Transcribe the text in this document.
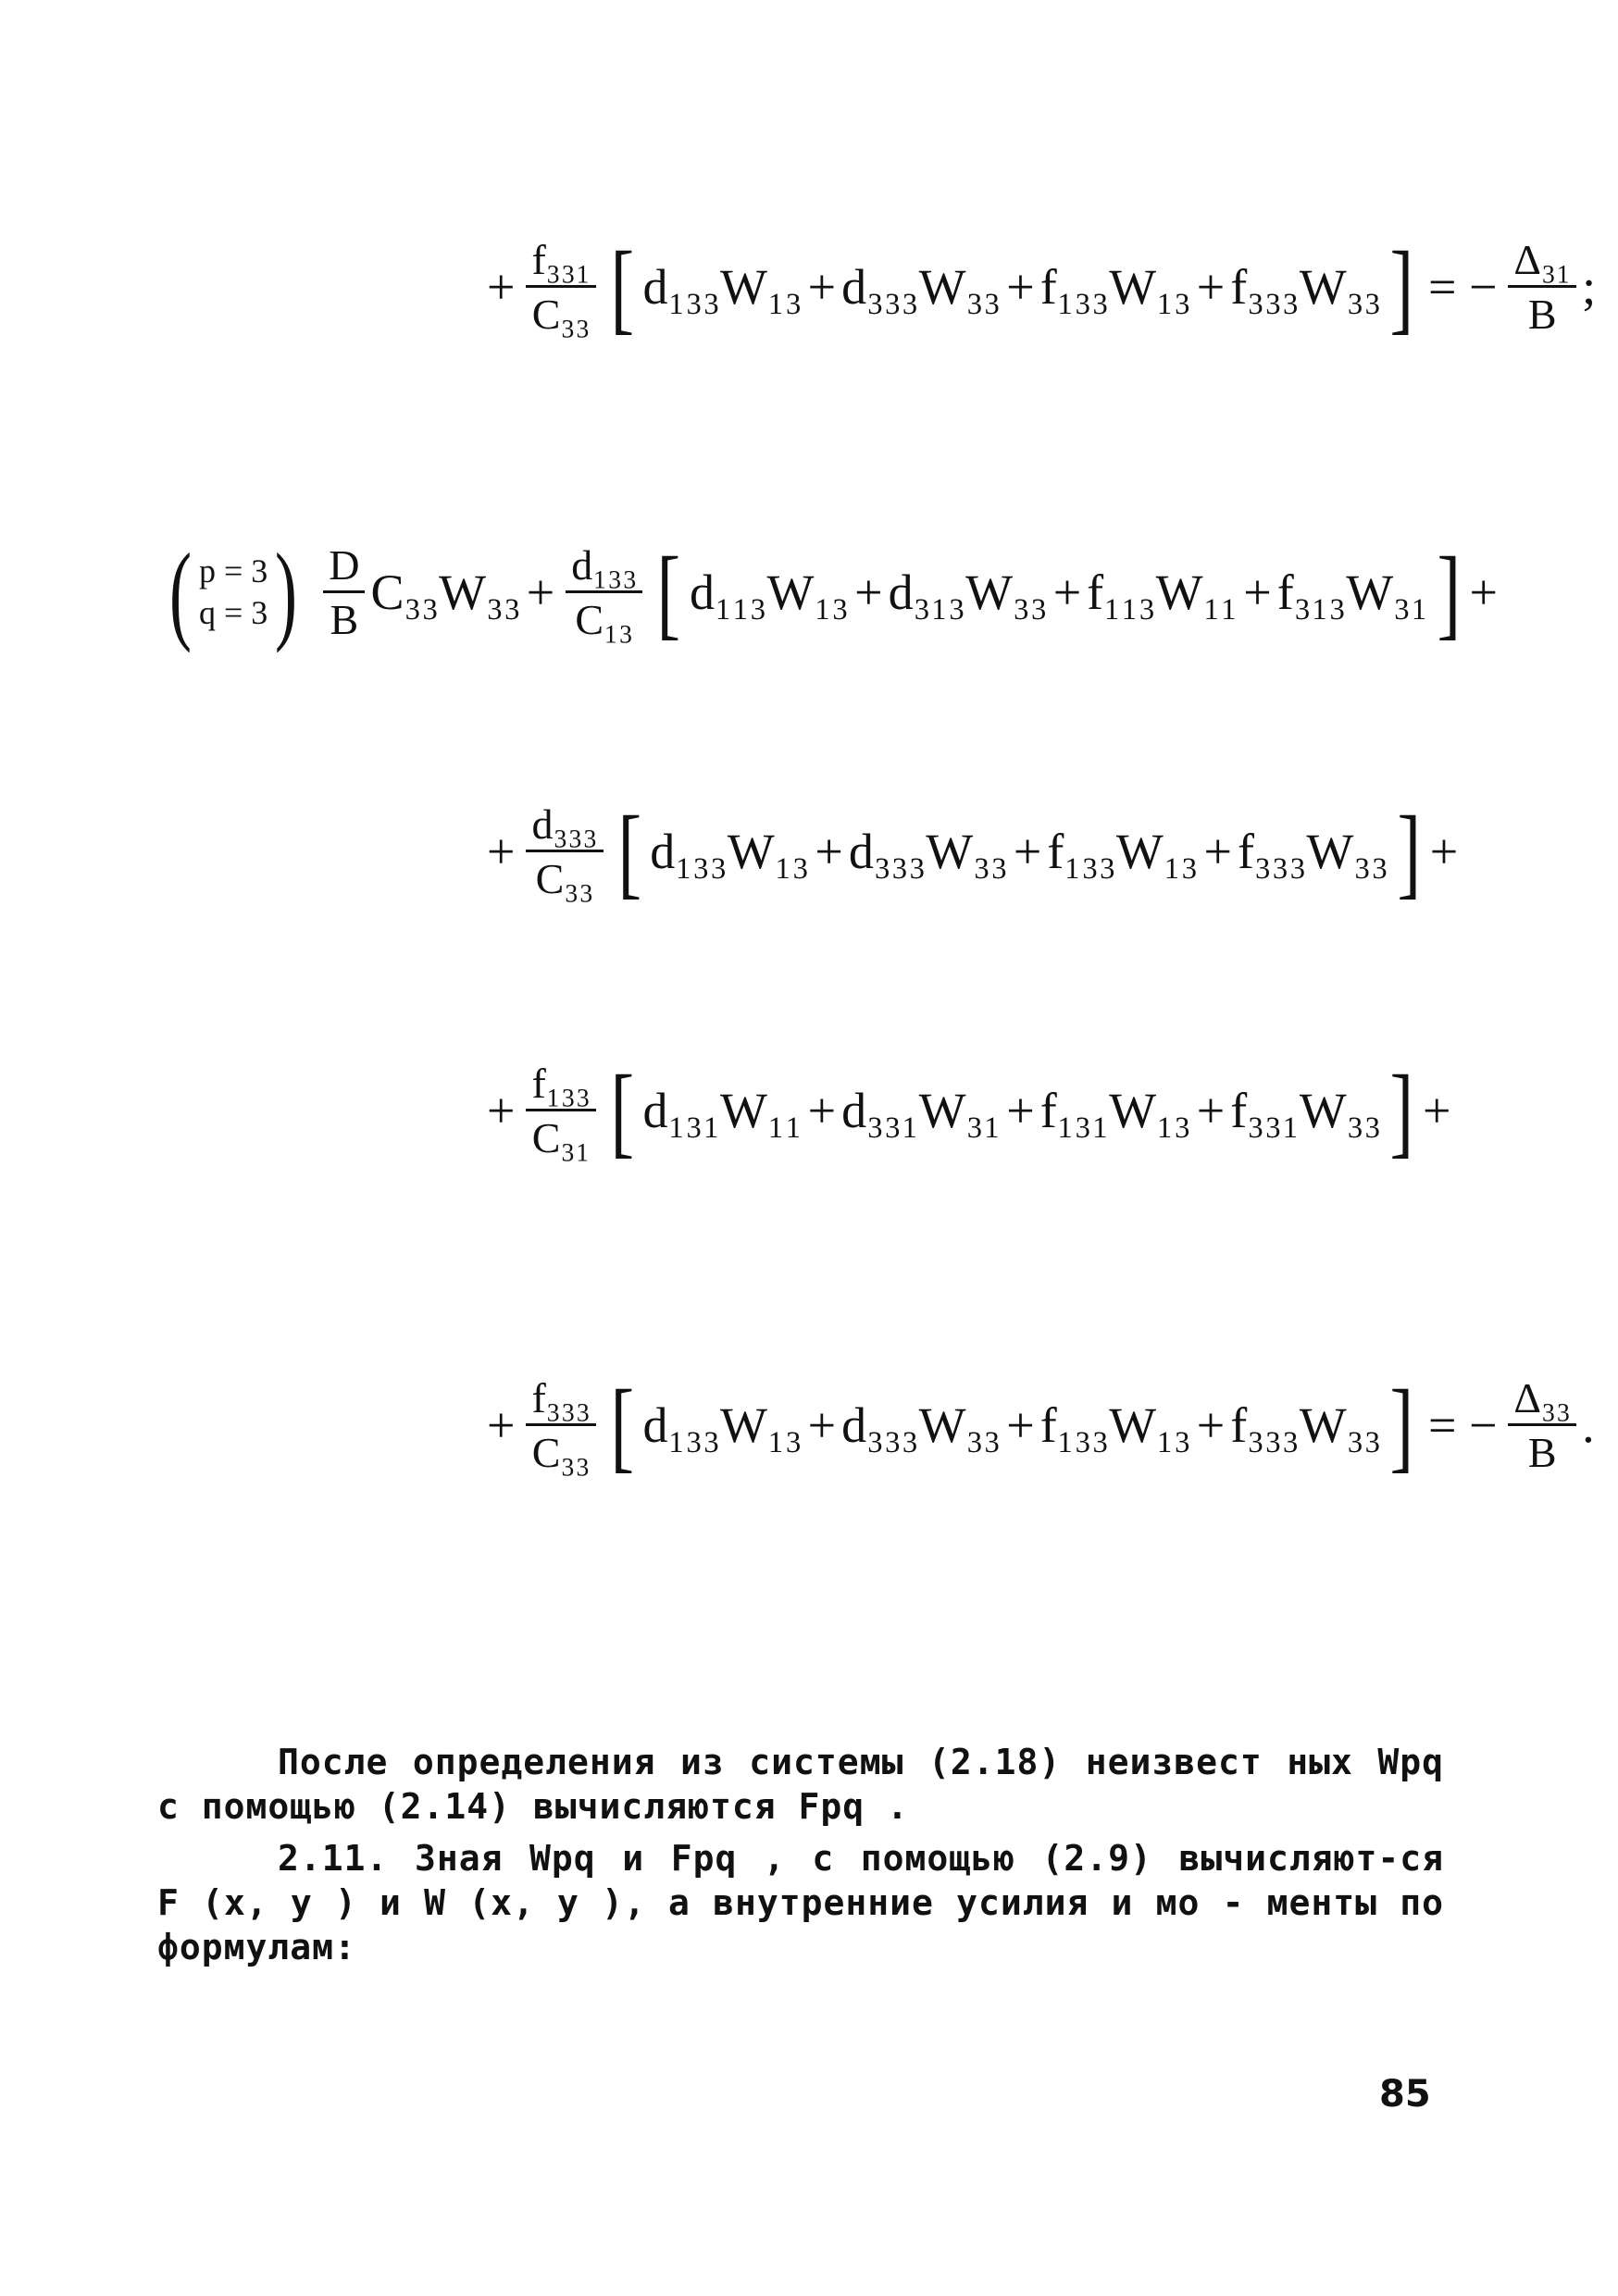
+ $\frac{\text{f₃₃₁}}{\text{C₃₃}}$ [ d₁₃₃W₁₃ + d₃₃₃W₃₃ + f₁₃₃W₁₃ + f₃₃₃W₃₃ ] = − $\frac{\text{Δ₃₁}}{B}$ ;
( p = 3
q = 3 ) $\frac{D}{B} C_{33}W_{33} + \frac{\text{d₁₃₃}}{\text{C₁₃}}$ [ d₁₁₃W₁₃ + d₃₁₃W₃₃ + f₁₁₃W₁₁ + f₃₁₃W₃₁ ] +
+ $\frac{\text{d₃₃₃}}{\text{C₃₃}}$ [ d₁₃₃W₁₃ + d₃₃₃W₃₃ + f₁₃₃W₁₃ + f₃₃₃W₃₃ ] +
+ $\frac{\text{f₁₃₃}}{\text{C₃₁}}$ [ d₁₃₁W₁₁ + d₃₃₁W₃₁ + f₁₃₁W₁₃ + f₃₃₁W₃₃ ] +
+ $\frac{\text{f₃₃₃}}{\text{C₃₃}}$ [ d₁₃₃W₁₃ + d₃₃₃W₃₃ + f₁₃₃W₁₃ + f₃₃₃W₃₃ ] = − $\frac{\text{Δ₃₃}}{B}$ .

После определения из системы (2.18) неизвест ных Wpq с помощью (2.14) вычисляются Fpq .

2.11. Зная Wpq и Fpq , с помощью (2.9) вычисляют-ся F (x, y ) и W (x, y ), а внутренние усилия и мо - менты по формулам:

85
